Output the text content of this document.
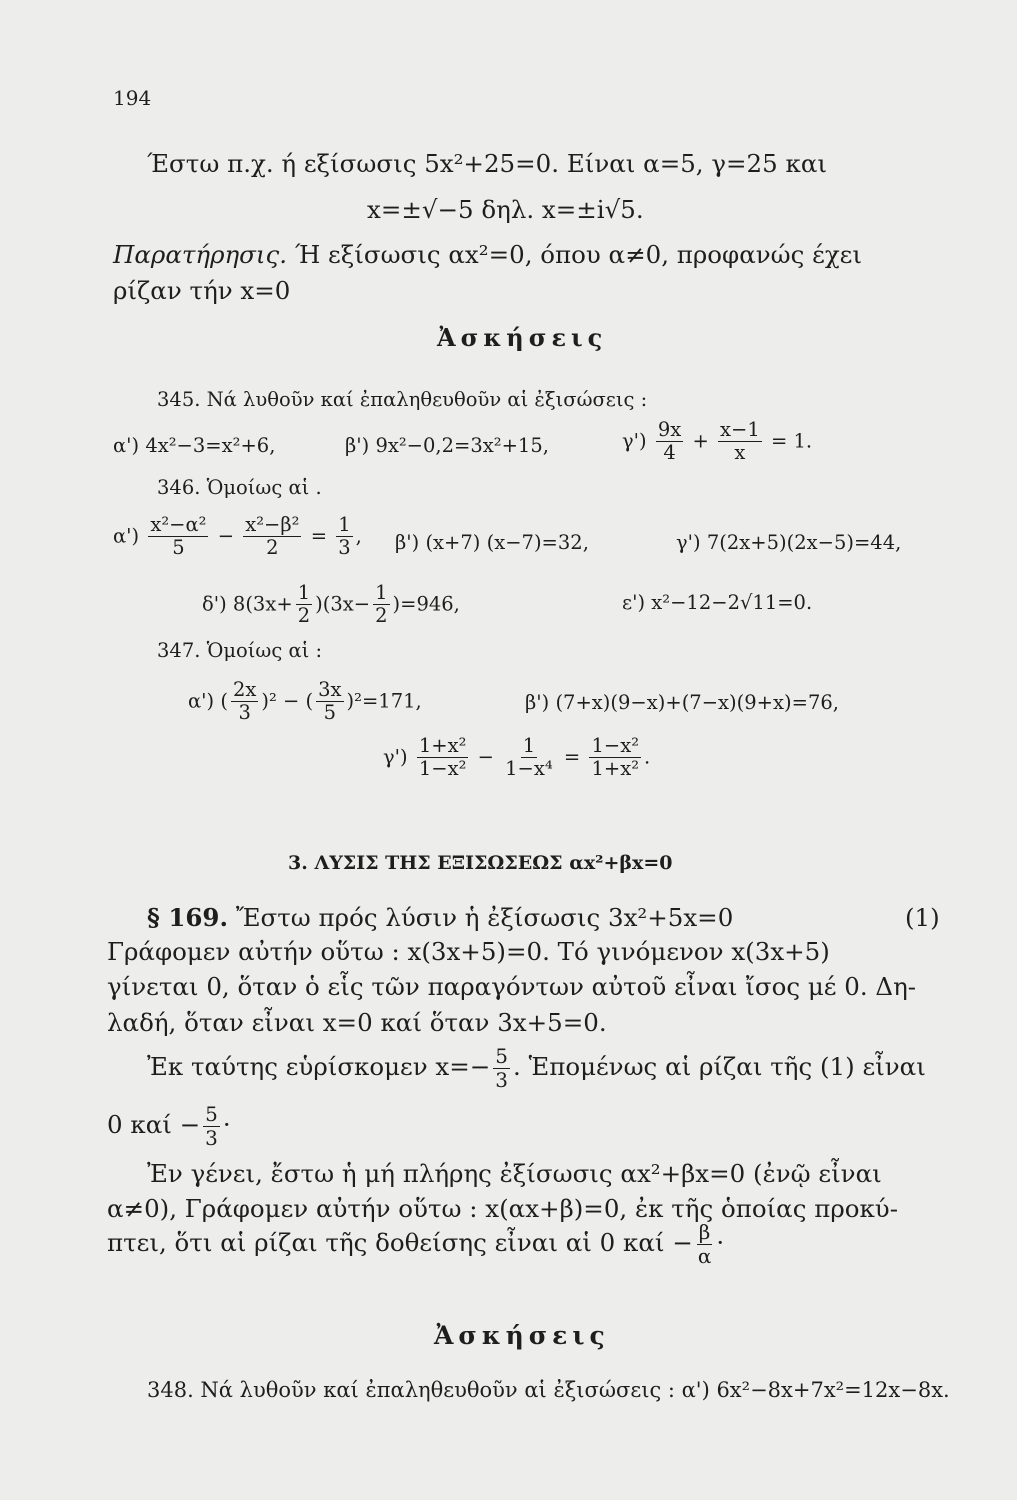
194
Έστω π.χ. ή εξίσωσις 5x²+25=0. Είναι α=5, γ=25 και
x=±√−5 δηλ. x=±i√5.
Παρατήρησις. Ή εξίσωσις αx²=0, όπου α≠0, προφανώς έχει
ρίζαν τήν x=0
Ἀσκήσεις
345. Νά λυθοῦν καί ἐπαληθευθοῦν αἱ ἐξισώσεις :
α') 4x²−3=x²+6,	β') 9x²−0,2=3x²+15,	$\gamma') \frac{9x}{4} + \frac{x-1}{x} = 1$.
346. Ὁμοίως αἱ .
$\alpha') \frac{\text{x²−α²}}{5} - \frac{\text{x²−β²}}{2} = \frac{1}{3}$ , β') (x+7) (x−7)=32,	γ') 7(2x+5)(2x−5)=44,
δ') $8(3x+ \frac{1}{2} )(3x- \frac{1}{2} )=946$,	ε') x²−12−2√11=0.
347. Ὁμοίως αἱ :
α') ( $\frac{2x}{3} )^2$ − ( $\frac{3x}{5} )^2=171$,	β') (7+x)(9−x)+(7−x)(9+x)=76,
$\gamma') \frac{\text{1+x²}}{\text{1−x²}} - \frac{1}{\text{1−x⁴}} = \frac{\text{1−x²}}{\text{1+x²}}$ .
3. ΛΥΣΙΣ ΤΗΣ ΕΞΙΣΩΣΕΩΣ αx²+βx=0
§ 169. Ἔστω πρός λύσιν ἡ ἐξίσωσις 3x²+5x=0	(1)
Γράφομεν αὐτήν οὕτω : x(3x+5)=0. Τό γινόμενον x(3x+5)
γίνεται 0, ὅταν ὁ εἷς τῶν παραγόντων αὐτοῦ εἶναι ἴσος μέ 0. Δη-
λαδή, ὅταν εἶναι x=0 καί ὅταν 3x+5=0.
Ἐκ ταύτης εὑρίσκομεν $x=- \frac{5}{3}$ . Ἑπομένως αἱ ρίζαι τῆς (1) εἶναι
0 $\kappa\alpha ί - \frac{5}{3}$ ·
Ἐν γένει, ἔστω ἡ μή πλήρης ἐξίσωσις αx²+βx=0 (ἐνῷ εἶναι
α≠0), Γράφομεν αὐτήν οὕτω : x(αx+β)=0, ἐκ τῆς ὁποίας προκύ-
πτει, ὅτι αἱ ρίζαι τῆς δοθείσης εἶναι αἱ 0 $\kappa\alpha ί - \frac{\beta}{\alpha}$ ·
Ἀσκήσεις
348. Νά λυθοῦν καί ἐπαληθευθοῦν αἱ ἐξισώσεις : α') 6x²−8x+7x²=12x−8x.
